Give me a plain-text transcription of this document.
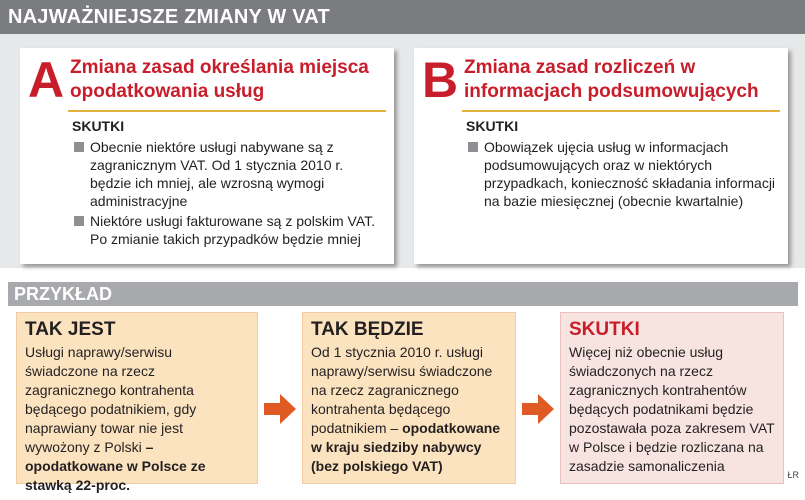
NAJWAŻNIEJSZE ZMIANY W VAT
A Zmiana zasad określania miejsca opodatkowania usług
SKUTKI
Obecnie niektóre usługi nabywane są z zagranicznym VAT. Od 1 stycznia 2010 r. będzie ich mniej, ale wzrosną wymogi administracyjne
Niektóre usługi fakturowane są z polskim VAT. Po zmianie takich przypadków będzie mniej
B Zmiana zasad rozliczeń w informacjach podsumowujących
SKUTKI
Obowiązek ujęcia usług w informacjach podsumowujących oraz w niektórych przypadkach, konieczność składania informacji na bazie miesięcznej (obecnie kwartalnie)
PRZYKŁAD
TAK JEST
Usługi naprawy/serwisu świadczone na rzecz zagranicznego kontrahenta będącego podatnikiem, gdy naprawiany towar nie jest wywożony z Polski – opodatkowane w Polsce ze stawką 22-proc.
TAK BĘDZIE
Od 1 stycznia 2010 r. usługi naprawy/serwisu świadczone na rzecz zagranicznego kontrahenta będącego podatnikiem – opodatkowane w kraju siedziby nabywcy (bez polskiego VAT)
SKUTKI
Więcej niż obecnie usług świadczonych na rzecz zagranicznych kontrahentów będących podatnikami będzie pozostawała poza zakresem VAT w Polsce i będzie rozliczana na zasadzie samonaliczenia
ŁR
